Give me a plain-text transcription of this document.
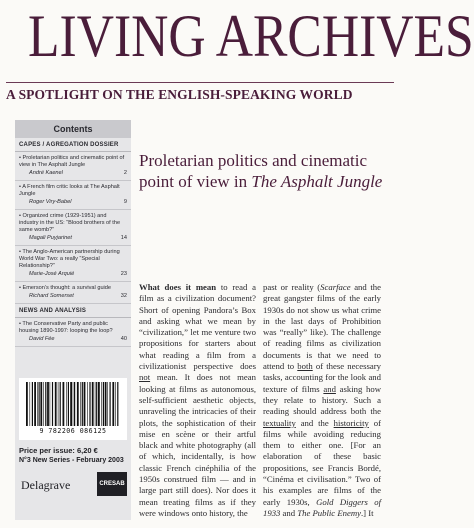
LIVING ARCHIVES
A SPOTLIGHT ON THE ENGLISH-SPEAKING WORLD
Contents
CAPES / AGREGATION DOSSIER
• Proletarian politics and cinematic point of view in The Asphalt Jungle
André Kaenel	2
• A French film critic looks at The Asphalt Jungle
Roger Viry-Babel	9
• Organized crime (1929-1951) and industry in the US: “Blood brothers of the same womb?”
Magali Puyjarinet	14
• The Anglo-American partnership during World War Two: a really “Special Relationship?”
Marie-José Arquié	23
• Emerson’s thought: a survival guide
Richard Somerset	32
NEWS AND ANALYSIS
• The Conservative Party and public housing 1890-1997: looping the loop?
David Fée	40
9 782206 086125
Price per issue: 6,20 €
N°3 New Series - February 2003
Delagrave	CRESAB
Proletarian politics and cinematic point of view in The Asphalt Jungle

What does it mean to read a film as a civilization document? Short of opening Pandora’s Box and asking what we mean by “civilization,” let me venture two propositions for starters about what reading a film from a civilizationist perspective does not mean. It does not mean looking at films as autonomous, self-sufficient aesthetic objects, unraveling the intricacies of their plots, the sophistication of their mise en scène or their artful black and white photography (all of which, incidentally, is how classic French cinéphilia of the 1950s construed film — and in large part still does). Nor does it mean treating films as if they were windows onto history, the

past or reality (Scarface and the great gangster films of the early 1930s do not show us what crime in the last days of Prohibition was “really” like). The challenge of reading films as civilization documents is that we need to attend to both of these necessary tasks, accounting for the look and texture of films and asking how they relate to history. Such a reading should address both the textuality and the historicity of films while avoiding reducing them to either one. [For an elaboration of these basic propositions, see Francis Bordé, “Cinéma et civilisation.” Two of his examples are films of the early 1930s, Gold Diggers of 1933 and The Public Enemy.] It
